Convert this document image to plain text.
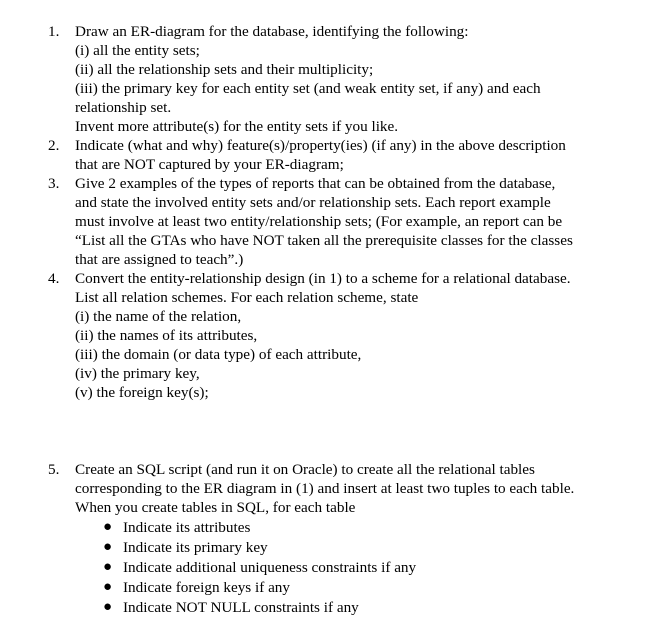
1.	Draw an ER-diagram for the database, identifying the following:
(i) all the entity sets;
(ii) all the relationship sets and their multiplicity;
(iii) the primary key for each entity set (and weak entity set, if any) and each
relationship set.
Invent more attribute(s) for the entity sets if you like.
2.	Indicate (what and why) feature(s)/property(ies) (if any) in the above description
that are NOT captured by your ER-diagram;
3.	Give 2 examples of the types of reports that can be obtained from the database,
and state the involved entity sets and/or relationship sets. Each report example
must involve at least two entity/relationship sets; (For example, an report can be
“List all the GTAs who have NOT taken all the prerequisite classes for the classes
that are assigned to teach”.)
4.	Convert the entity-relationship design (in 1) to a scheme for a relational database.
List all relation schemes. For each relation scheme, state
(i) the name of the relation,
(ii) the names of its attributes,
(iii) the domain (or data type) of each attribute,
(iv) the primary key,
(v) the foreign key(s);
5.	Create an SQL script (and run it on Oracle) to create all the relational tables
corresponding to the ER diagram in (1) and insert at least two tuples to each table.
When you create tables in SQL, for each table
● Indicate its attributes
● Indicate its primary key
● Indicate additional uniqueness constraints if any
● Indicate foreign keys if any
● Indicate NOT NULL constraints if any
